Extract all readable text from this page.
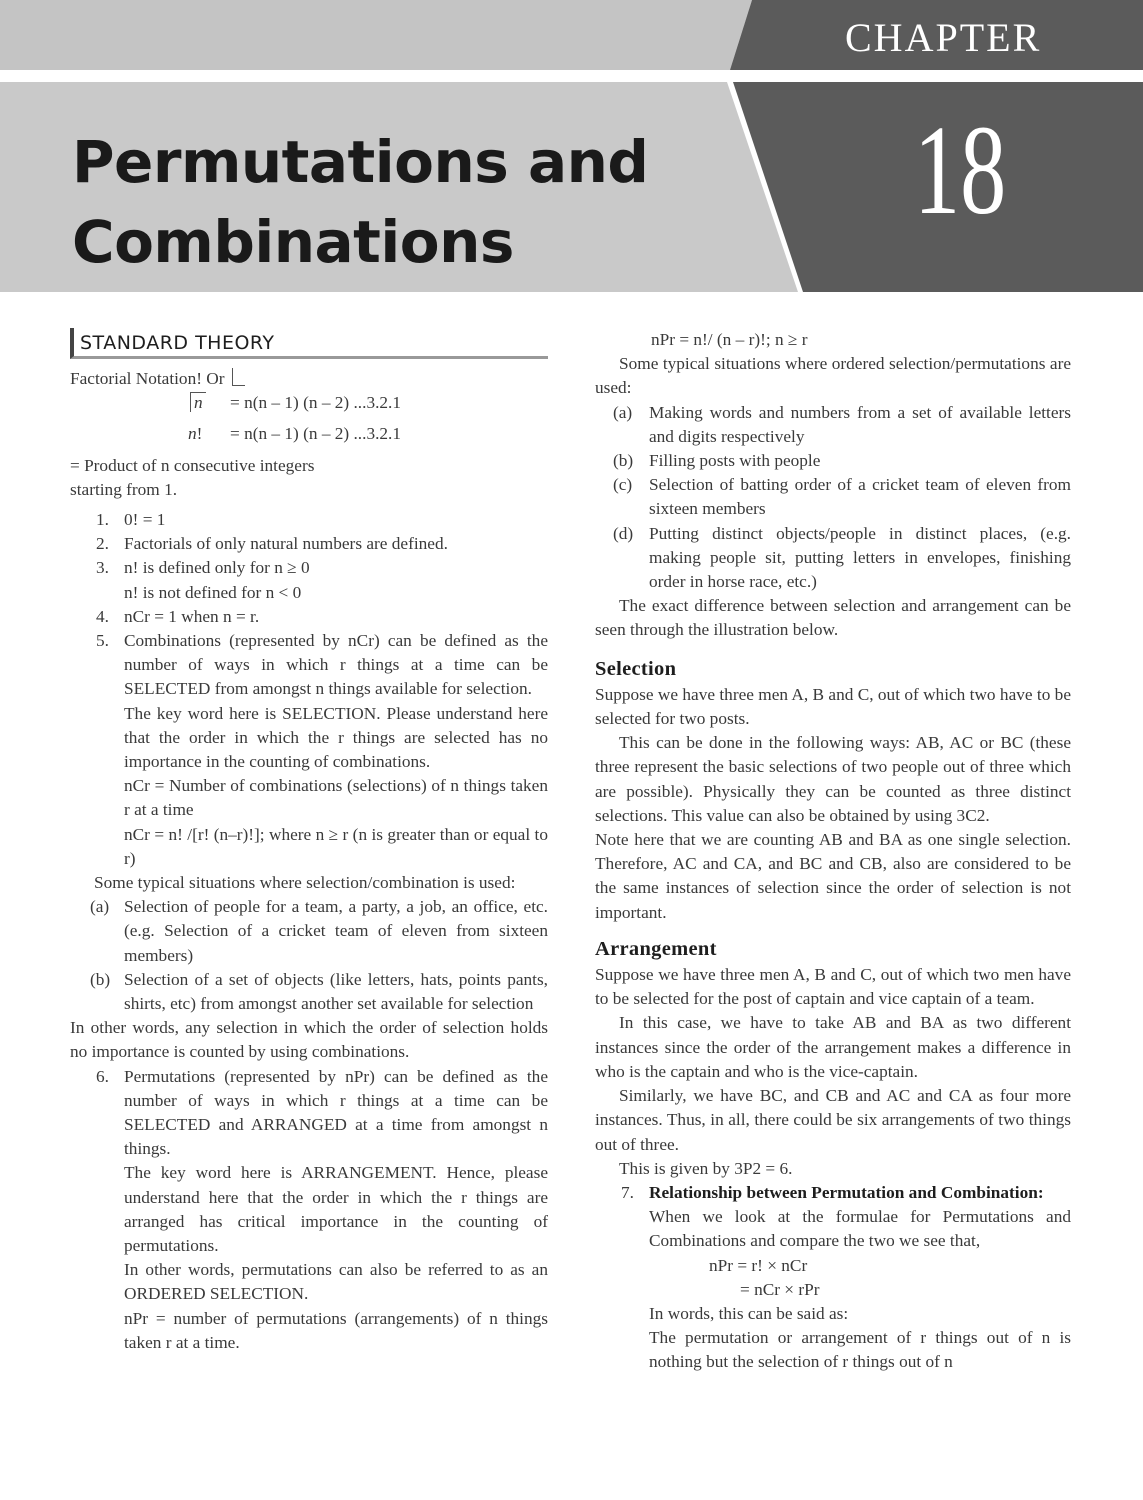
CHAPTER
18
Permutations and
Combinations
STANDARD THEORY

Factorial Notation! Or

n = n(n – 1) (n – 2) ...3.2.1
n! = n(n – 1) (n – 2) ...3.2.1

= Product of n consecutive integers

starting from 1.

1. 0! = 1
2. Factorials of only natural numbers are defined.
3. n! is defined only for n ≥ 0
n! is not defined for n < 0
4. nCr = 1 when n = r.
5. Combinations (represented by nCr) can be defined as the number of ways in which r things at a time can be SELECTED from amongst n things available for selection.

The key word here is SELECTION. Please understand here that the order in which the r things are selected has no importance in the counting of combinations.

nCr = Number of combinations (selections) of n things taken r at a time

nCr = n! /[r! (n–r)!]; where n ≥ r (n is greater than or equal to r)

Some typical situations where selection/combination is used:

(a) Selection of people for a team, a party, a job, an office, etc. (e.g. Selection of a cricket team of eleven from sixteen members)
(b) Selection of a set of objects (like letters, hats, points pants, shirts, etc) from amongst another set available for selection

In other words, any selection in which the order of selection holds no importance is counted by using combinations.

6. Permutations (represented by nPr) can be defined as the number of ways in which r things at a time can be SELECTED and ARRANGED at a time from amongst n things.

The key word here is ARRANGEMENT. Hence, please understand here that the order in which the r things are arranged has critical importance in the counting of permutations.

In other words, permutations can also be referred to as an ORDERED SELECTION.

nPr = number of permutations (arrangements) of n things taken r at a time.

nPr = n!/ (n – r)!; n ≥ r

Some typical situations where ordered selection/permutations are used:

(a) Making words and numbers from a set of available letters and digits respectively
(b) Filling posts with people
(c) Selection of batting order of a cricket team of eleven from sixteen members
(d) Putting distinct objects/people in distinct places, (e.g. making people sit, putting letters in envelopes, finishing order in horse race, etc.)

The exact difference between selection and arrangement can be seen through the illustration below.

Selection

Suppose we have three men A, B and C, out of which two have to be selected for two posts.

This can be done in the following ways: AB, AC or BC (these three represent the basic selections of two people out of three which are possible). Physically they can be counted as three distinct selections. This value can also be obtained by using 3C2.

Note here that we are counting AB and BA as one single selection. Therefore, AC and CA, and BC and CB, also are considered to be the same instances of selection since the order of selection is not important.

Arrangement

Suppose we have three men A, B and C, out of which two men have to be selected for the post of captain and vice captain of a team.

In this case, we have to take AB and BA as two different instances since the order of the arrangement makes a difference in who is the captain and who is the vice-captain.

Similarly, we have BC, and CB and AC and CA as four more instances. Thus, in all, there could be six arrangements of two things out of three.

This is given by 3P2 = 6.

7. Relationship between Permutation and Combination:

When we look at the formulae for Permutations and Combinations and compare the two we see that,

nPr = r! × nCr

= nCr × rPr

In words, this can be said as:

The permutation or arrangement of r things out of n is nothing but the selection of r things out of n
